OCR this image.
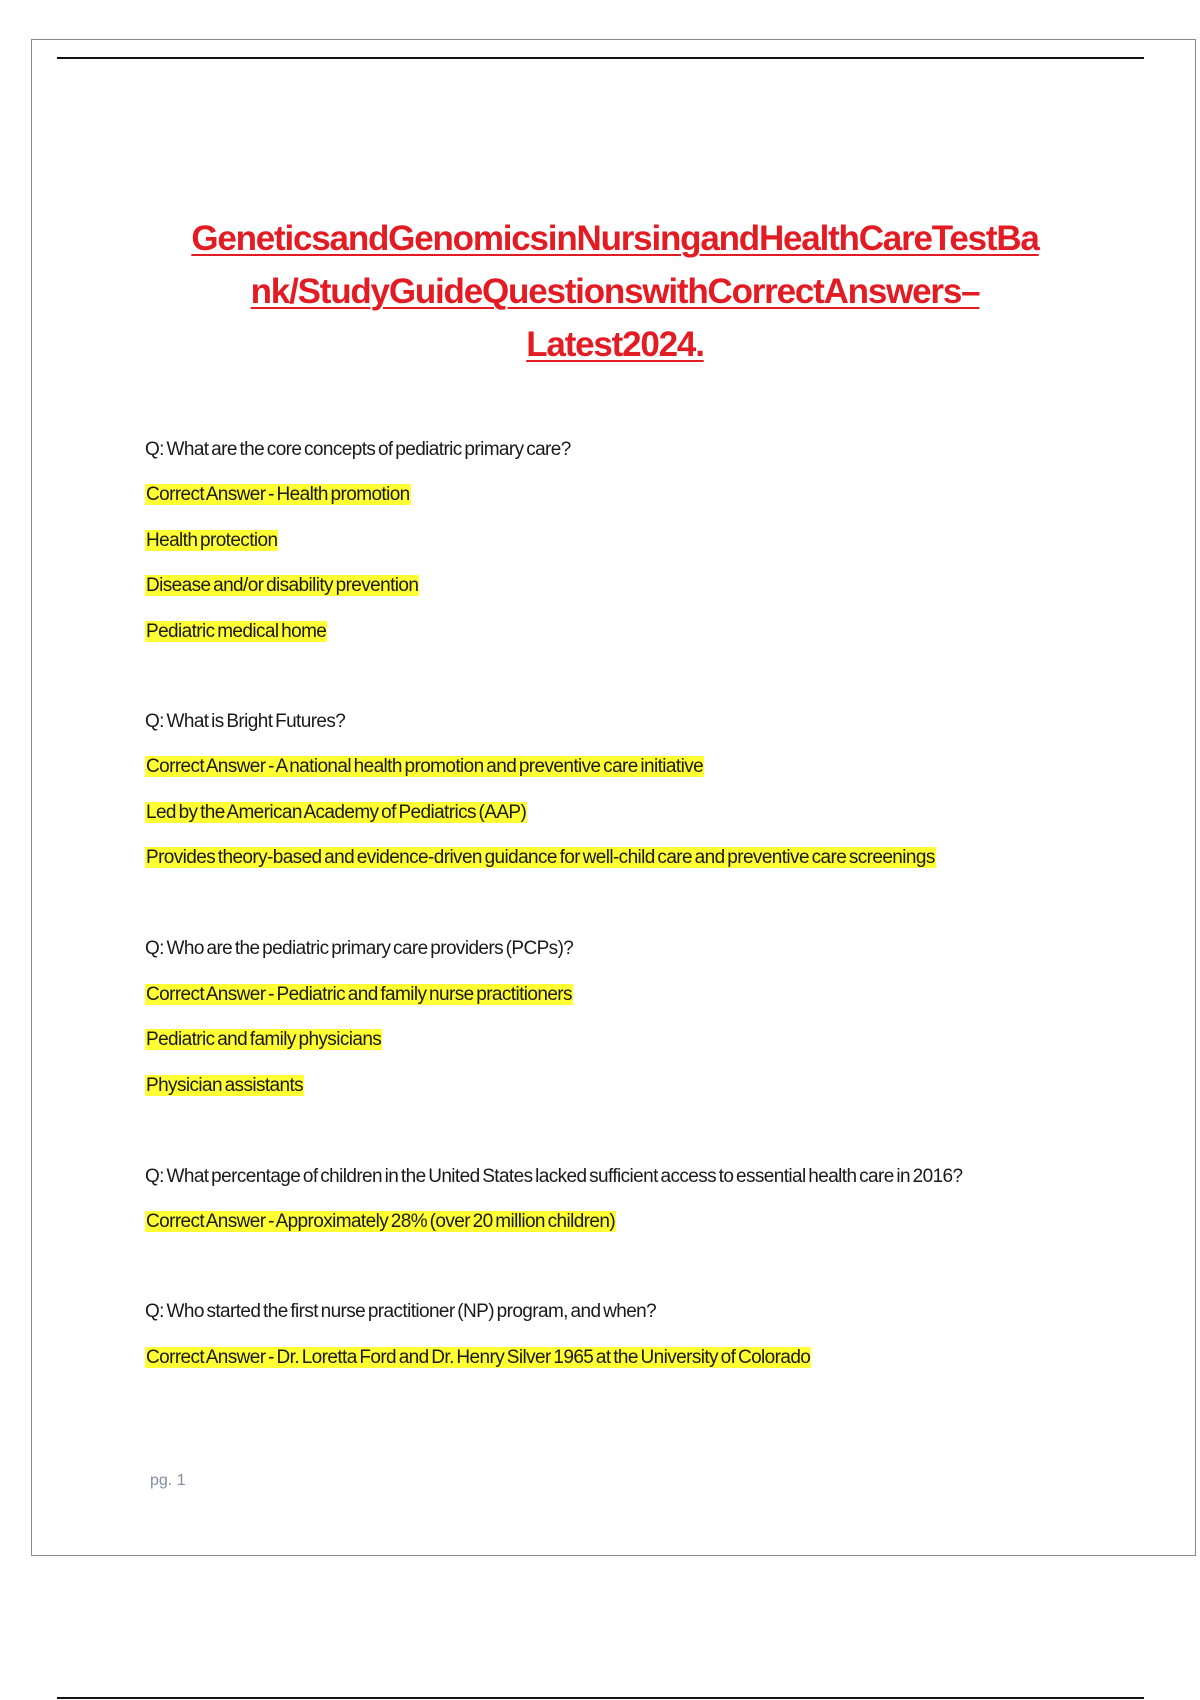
GeneticsandGenomicsinNursingandHealthCareTestBa
nk/StudyGuideQuestionswithCorrectAnswers–
Latest2024.
Q: What are the core concepts of pediatric primary care?
Correct Answer - Health promotion
Health protection
Disease and/or disability prevention
Pediatric medical home
Q: What is Bright Futures?
Correct Answer - A national health promotion and preventive care initiative
Led by the American Academy of Pediatrics (AAP)
Provides theory-based and evidence-driven guidance for well-child care and preventive care screenings
Q: Who are the pediatric primary care providers (PCPs)?
Correct Answer - Pediatric and family nurse practitioners
Pediatric and family physicians
Physician assistants
Q: What percentage of children in the United States lacked sufficient access to essential health care in 2016?
Correct Answer - Approximately 28% (over 20 million children)
Q: Who started the first nurse practitioner (NP) program, and when?
Correct Answer - Dr. Loretta Ford and Dr. Henry Silver 1965 at the University of Colorado
pg. 1
